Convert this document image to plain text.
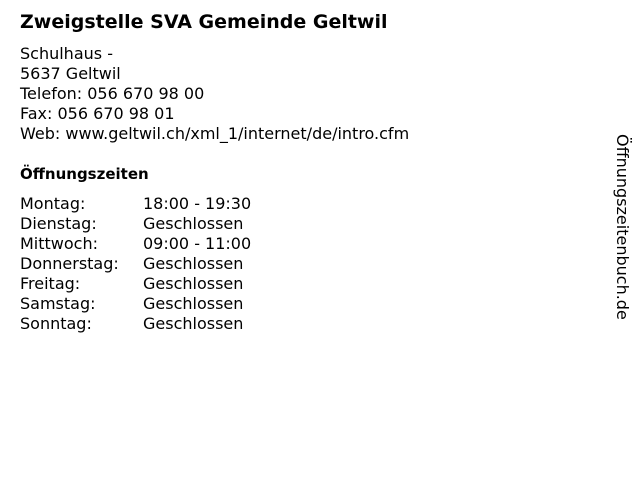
Zweigstelle SVA Gemeinde Geltwil
Schulhaus -
5637 Geltwil
Telefon: 056 670 98 00
Fax: 056 670 98 01
Web: www.geltwil.ch/xml_1/internet/de/intro.cfm
Öffnungszeiten
Montag:	18:00 - 19:30
Dienstag:	Geschlossen
Mittwoch:	09:00 - 11:00
Donnerstag:	Geschlossen
Freitag:	Geschlossen
Samstag:	Geschlossen
Sonntag:	Geschlossen
Öffnungszeitenbuch.de
